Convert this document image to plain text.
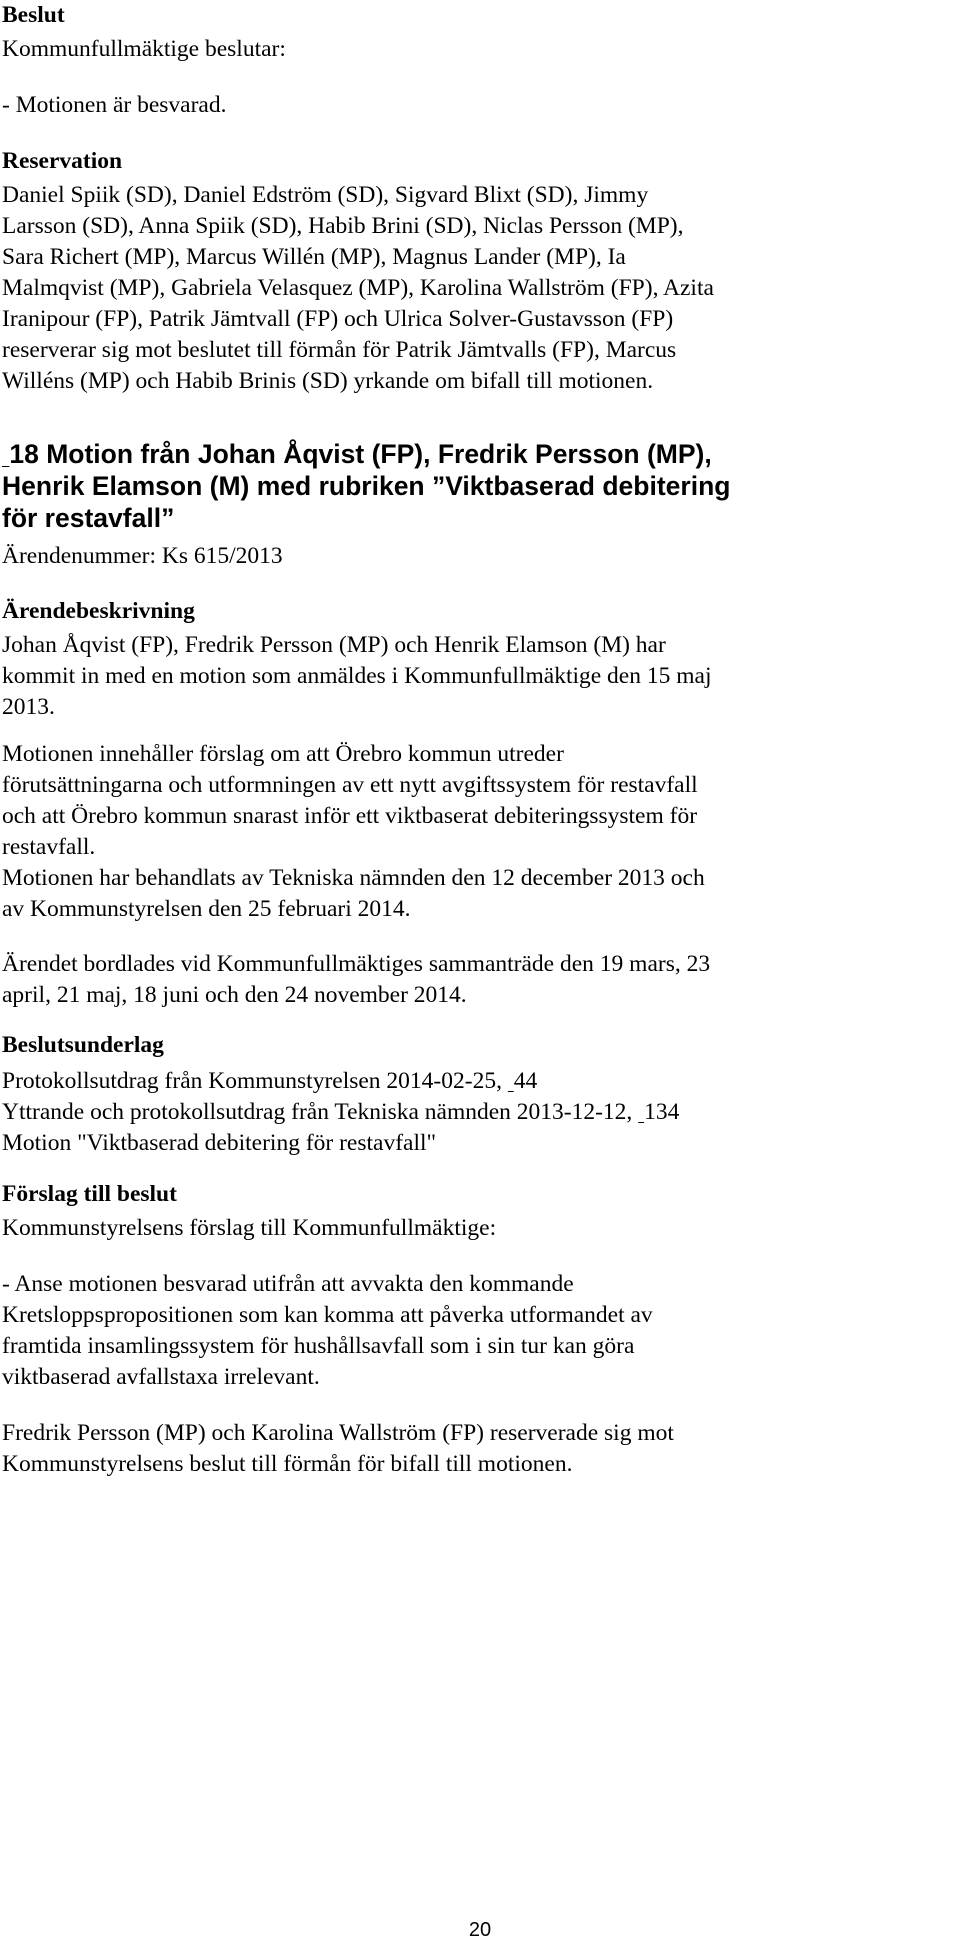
Beslut
Kommunfullmäktige beslutar:
- Motionen är besvarad.
Reservation
Daniel Spiik (SD), Daniel Edström (SD), Sigvard Blixt (SD), Jimmy
Larsson (SD), Anna Spiik (SD), Habib Brini (SD), Niclas Persson (MP),
Sara Richert (MP), Marcus Willén (MP), Magnus Lander (MP), Ia
Malmqvist (MP), Gabriela Velasquez (MP), Karolina Wallström (FP), Azita
Iranipour (FP), Patrik Jämtvall (FP) och Ulrica Solver-Gustavsson (FP)
reserverar sig mot beslutet till förmån för Patrik Jämtvalls (FP), Marcus
Willéns (MP) och Habib Brinis (SD) yrkande om bifall till motionen.
18 Motion från Johan Åqvist (FP), Fredrik Persson (MP),
Henrik Elamson (M) med rubriken ”Viktbaserad debitering
för restavfall”
Ärendenummer: Ks 615/2013
Ärendebeskrivning
Johan Åqvist (FP), Fredrik Persson (MP) och Henrik Elamson (M) har
kommit in med en motion som anmäldes i Kommunfullmäktige den 15 maj
2013.
Motionen innehåller förslag om att Örebro kommun utreder
förutsättningarna och utformningen av ett nytt avgiftssystem för restavfall
och att Örebro kommun snarast inför ett viktbaserat debiteringssystem för
restavfall.
Motionen har behandlats av Tekniska nämnden den 12 december 2013 och
av Kommunstyrelsen den 25 februari 2014.
Ärendet bordlades vid Kommunfullmäktiges sammanträde den 19 mars, 23
april, 21 maj, 18 juni och den 24 november 2014.
Beslutsunderlag
Protokollsutdrag från Kommunstyrelsen 2014-02-25,  44
Yttrande och protokollsutdrag från Tekniska nämnden 2013-12-12,  134
Motion "Viktbaserad debitering för restavfall"
Förslag till beslut
Kommunstyrelsens förslag till Kommunfullmäktige:
- Anse motionen besvarad utifrån att avvakta den kommande
Kretsloppspropositionen som kan komma att påverka utformandet av
framtida insamlingssystem för hushållsavfall som i sin tur kan göra
viktbaserad avfallstaxa irrelevant.
Fredrik Persson (MP) och Karolina Wallström (FP) reserverade sig mot
Kommunstyrelsens beslut till förmån för bifall till motionen.
20
